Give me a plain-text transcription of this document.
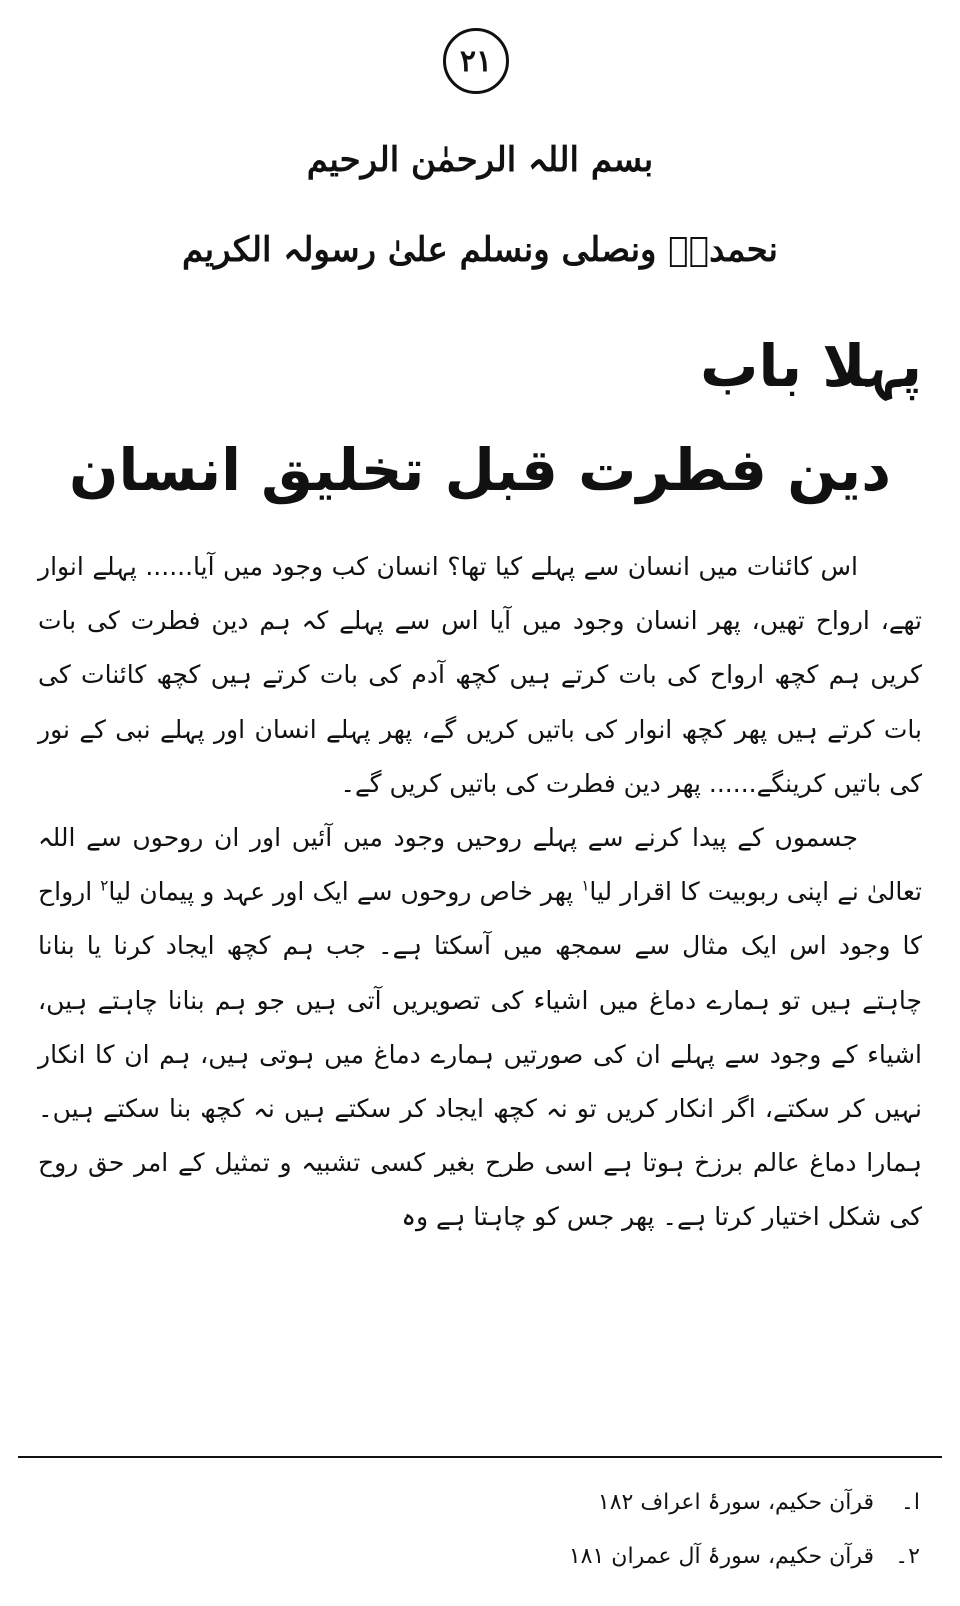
۲۱
بسم اللہ الرحمٰن الرحیم
نحمدہٗ ونصلی ونسلم علیٰ رسولہ الکریم
پہلا باب
دین فطرت قبل تخلیق انسان

اس کائنات میں انسان سے پہلے کیا تھا؟ انسان کب وجود میں آیا...... پہلے انوار تھے، ارواح تھیں، پھر انسان وجود میں آیا اس سے پہلے کہ ہم دین فطرت کی بات کریں ہم کچھ ارواح کی بات کرتے ہیں کچھ آدم کی بات کرتے ہیں کچھ کائنات کی بات کرتے ہیں پھر کچھ انوار کی باتیں کریں گے، پھر پہلے انسان اور پہلے نبی کے نور کی باتیں کرینگے...... پھر دین فطرت کی باتیں کریں گے۔

جسموں کے پیدا کرنے سے پہلے روحیں وجود میں آئیں اور ان روحوں سے اللہ تعالیٰ نے اپنی ربوبیت کا اقرار لیا$^۱$ پھر خاص روحوں سے ایک اور عہد و پیمان لیا$^۲$ ارواح کا وجود اس ایک مثال سے سمجھ میں آسکتا ہے۔ جب ہم کچھ ایجاد کرنا یا بنانا چاہتے ہیں تو ہمارے دماغ میں اشیاء کی تصویریں آتی ہیں جو ہم بنانا چاہتے ہیں، اشیاء کے وجود سے پہلے ان کی صورتیں ہمارے دماغ میں ہوتی ہیں، ہم ان کا انکار نہیں کر سکتے، اگر انکار کریں تو نہ کچھ ایجاد کر سکتے ہیں نہ کچھ بنا سکتے ہیں۔ ہمارا دماغ عالم برزخ ہوتا ہے اسی طرح بغیر کسی تشبیہ و تمثیل کے امر حق روح کی شکل اختیار کرتا ہے۔ پھر جس کو چاہتا ہے وہ

ا۔
قرآن حکیم، سورۂ اعراف ۱۸۲
۲۔
قرآن حکیم، سورۂ آل عمران ۱۸۱
